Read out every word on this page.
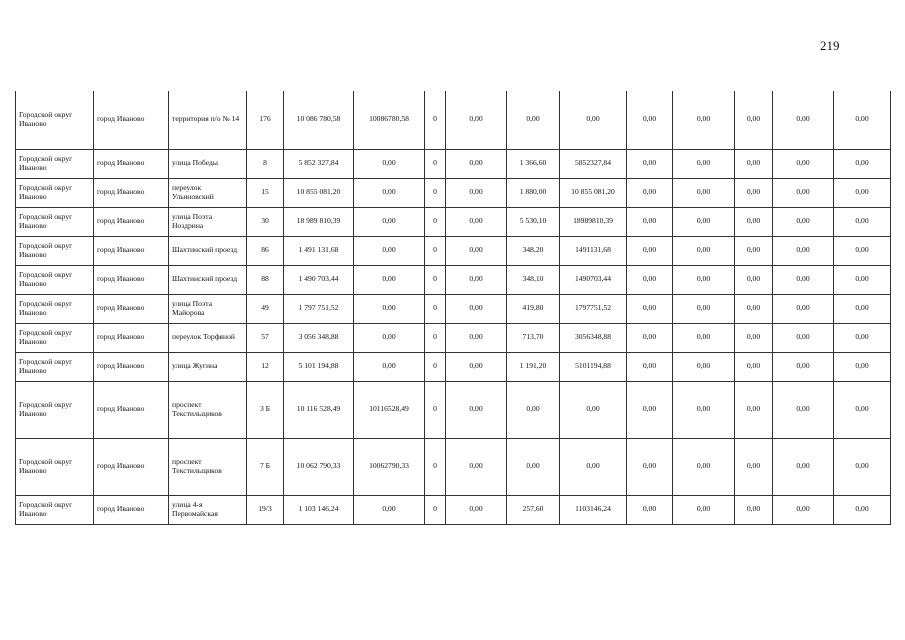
219
Городской округ Иваново	город Иваново	территория п/о № 14	176	10 086 780,58	10086780,58	0	0,00	0,00	0,00	0,00	0,00	0,00	0,00	0,00
Городской округ Иваново	город Иваново	улица Победы	8	5 852 327,84	0,00	0	0,00	1 366,60	5852327,84	0,00	0,00	0,00	0,00	0,00
Городской округ Иваново	город Иваново	переулок Ульяновский	15	10 855 081,20	0,00	0	0,00	1 880,00	10 855 081,20	0,00	0,00	0,00	0,00	0,00
Городской округ Иваново	город Иваново	улица Поэта Ноздрина	30	18 989 810,39	0,00	0	0,00	5 530,10	18989810,39	0,00	0,00	0,00	0,00	0,00
Городской округ Иваново	город Иваново	Шахтинский проезд	86	1 491 131,68	0,00	0	0,00	348,20	1491131,68	0,00	0,00	0,00	0,00	0,00
Городской округ Иваново	город Иваново	Шахтинский проезд	88	1 490 703,44	0,00	0	0,00	348,10	1490703,44	0,00	0,00	0,00	0,00	0,00
Городской округ Иваново	город Иваново	улица Поэта Майорова	49	1 797 751,52	0,00	0	0,00	419,80	1797751,52	0,00	0,00	0,00	0,00	0,00
Городской округ Иваново	город Иваново	переулок Торфяной	57	3 056 348,88	0,00	0	0,00	713,70	3056348,88	0,00	0,00	0,00	0,00	0,00
Городской округ Иваново	город Иваново	улица Жугина	12	5 101 194,88	0,00	0	0,00	1 191,20	5101194,88	0,00	0,00	0,00	0,00	0,00
Городской округ Иваново	город Иваново	проспект Текстильщиков	3 Б	10 116 528,49	10116528,49	0	0,00	0,00	0,00	0,00	0,00	0,00	0,00	0,00
Городской округ Иваново	город Иваново	проспект Текстильщиков	7 Б	10 062 790,33	10062790,33	0	0,00	0,00	0,00	0,00	0,00	0,00	0,00	0,00
Городской округ Иваново	город Иваново	улица 4-я Первомайская	19/3	1 103 146,24	0,00	0	0,00	257,60	1103146,24	0,00	0,00	0,00	0,00	0,00
